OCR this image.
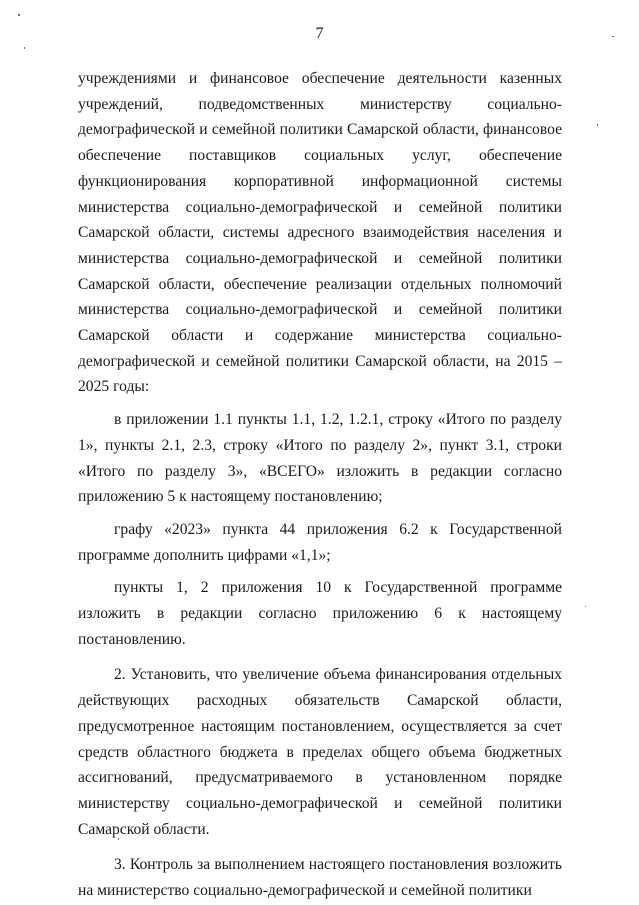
7

учреждениями и финансовое обеспечение деятельности казенных учреждений, подведомственных министерству социально-демографической и семейной политики Самарской области, финансовое обеспечение поставщиков социальных услуг, обеспечение функционирования корпоративной информационной системы министерства социально-демографической и семейной политики Самарской области, системы адресного взаимодействия населения и министерства социально-демографической и семейной политики Самарской области, обеспечение реализации отдельных полномочий министерства социально-демографической и семейной политики Самарской области и содержание министерства социально-демографической и семейной политики Самарской области, на 2015 – 2025 годы:

в приложении 1.1 пункты 1.1, 1.2, 1.2.1, строку «Итого по разделу 1», пункты 2.1, 2.3, строку «Итого по разделу 2», пункт 3.1, строки «Итого по разделу 3», «ВСЕГО» изложить в редакции согласно приложению 5 к настоящему постановлению;

графу «2023» пункта 44 приложения 6.2 к Государственной программе дополнить цифрами «1,1»;

пункты 1, 2 приложения 10 к Государственной программе изложить в редакции согласно приложению 6 к настоящему постановлению.

2. Установить, что увеличение объема финансирования отдельных действующих расходных обязательств Самарской области, предусмотренное настоящим постановлением, осуществляется за счет средств областного бюджета в пределах общего объема бюджетных ассигнований, предусматриваемого в установленном порядке министерству социально-демографической и семейной политики Самарской области.

3. Контроль за выполнением настоящего постановления возложить на министерство социально-демографической и семейной политики
